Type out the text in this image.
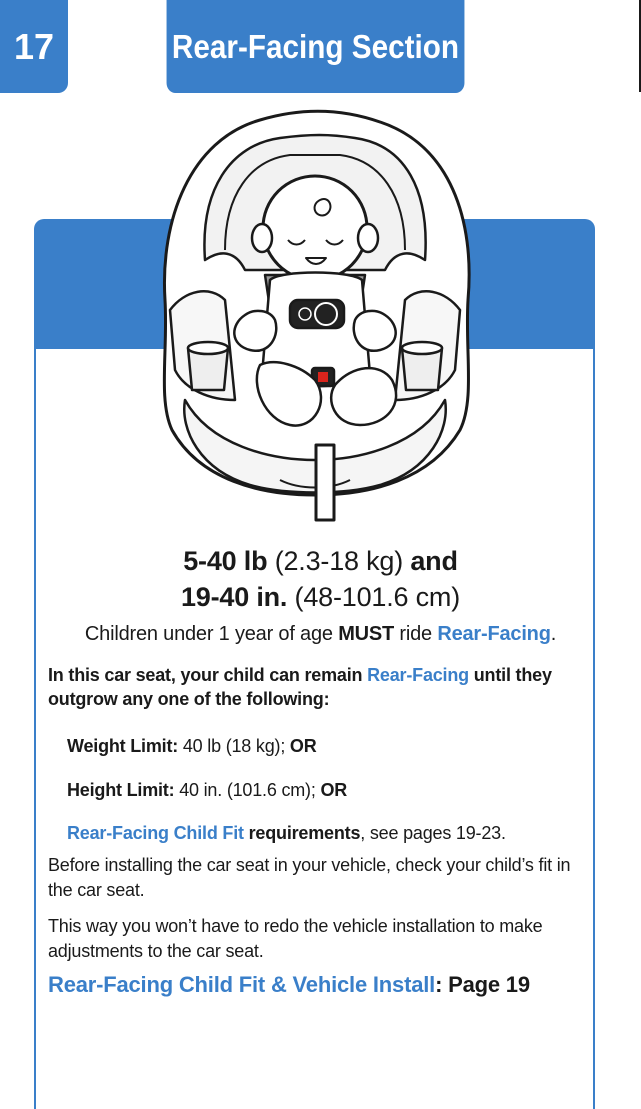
17	Rear-Facing Section
5-40 lb (2.3-18 kg) and
19-40 in. (48-101.6 cm)
Children under 1 year of age MUST ride Rear-Facing.
In this car seat, your child can remain Rear-Facing until they
outgrow any one of the following:
Weight Limit: 40 lb (18 kg); OR
Height Limit: 40 in. (101.6 cm); OR
Rear-Facing Child Fit requirements, see pages 19-23.
Before installing the car seat in your vehicle, check your child’s fit in
the car seat.
This way you won’t have to redo the vehicle installation to make
adjustments to the car seat.
Rear-Facing Child Fit & Vehicle Install: Page 19
